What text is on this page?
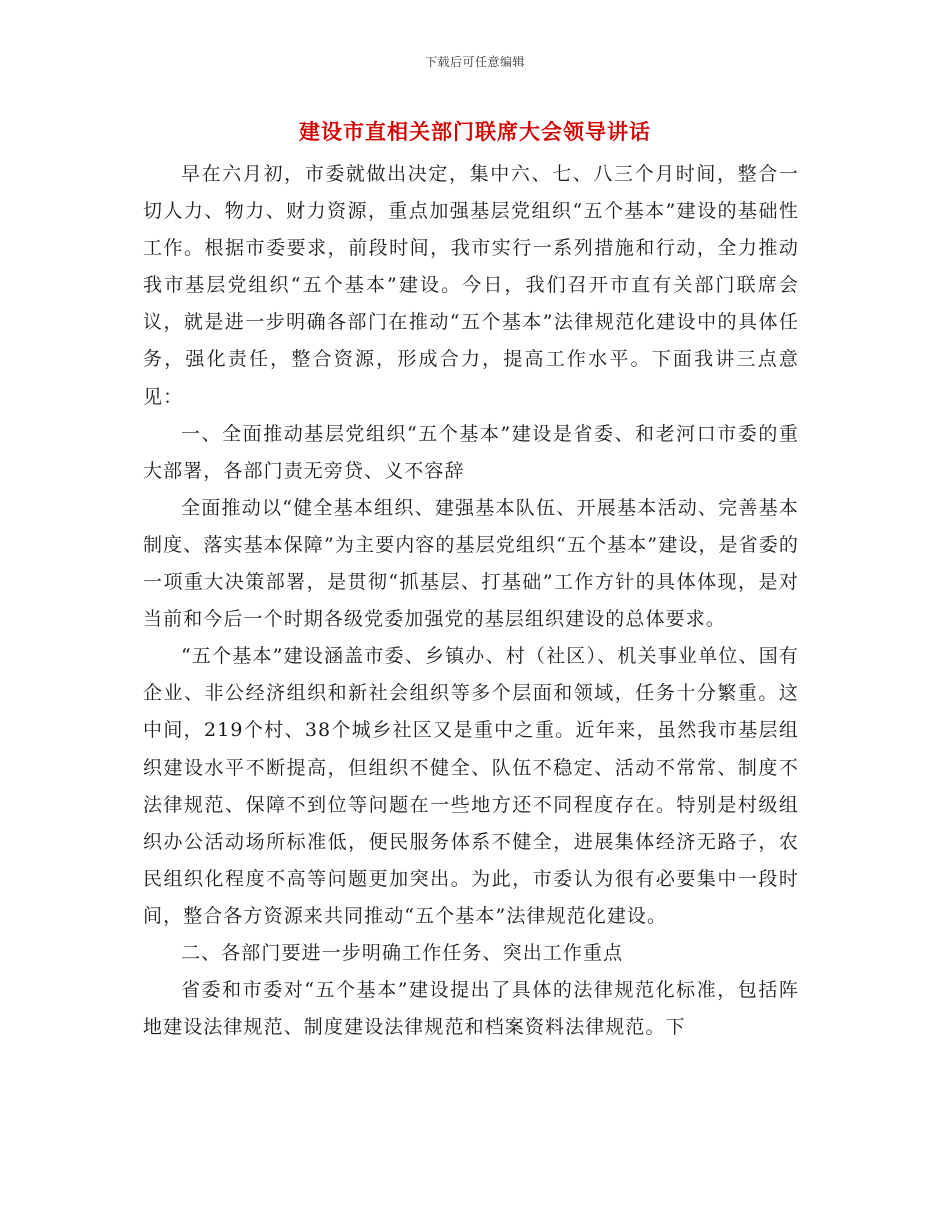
下载后可任意编辑
建设市直相关部门联席大会领导讲话

早在六月初，市委就做出决定，集中六、七、八三个月时间，整合一切人力、物力、财力资源，重点加强基层党组织“五个基本”建设的基础性工作。根据市委要求，前段时间，我市实行一系列措施和行动，全力推动我市基层党组织“五个基本”建设。今日，我们召开市直有关部门联席会议，就是进一步明确各部门在推动“五个基本”法律规范化建设中的具体任务，强化责任，整合资源，形成合力，提高工作水平。下面我讲三点意见：

一、全面推动基层党组织“五个基本”建设是省委、和老河口市委的重大部署，各部门责无旁贷、义不容辞

全面推动以“健全基本组织、建强基本队伍、开展基本活动、完善基本制度、落实基本保障”为主要内容的基层党组织“五个基本”建设，是省委的一项重大决策部署，是贯彻“抓基层、打基础”工作方针的具体体现，是对当前和今后一个时期各级党委加强党的基层组织建设的总体要求。

“五个基本”建设涵盖市委、乡镇办、村（社区）、机关事业单位、国有企业、非公经济组织和新社会组织等多个层面和领域，任务十分繁重。这中间，219个村、38个城乡社区又是重中之重。近年来，虽然我市基层组织建设水平不断提高，但组织不健全、队伍不稳定、活动不常常、制度不法律规范、保障不到位等问题在一些地方还不同程度存在。特别是村级组织办公活动场所标准低，便民服务体系不健全，进展集体经济无路子，农民组织化程度不高等问题更加突出。为此，市委认为很有必要集中一段时间，整合各方资源来共同推动“五个基本”法律规范化建设。

二、各部门要进一步明确工作任务、突出工作重点

省委和市委对“五个基本”建设提出了具体的法律规范化标准，包括阵地建设法律规范、制度建设法律规范和档案资料法律规范。下
